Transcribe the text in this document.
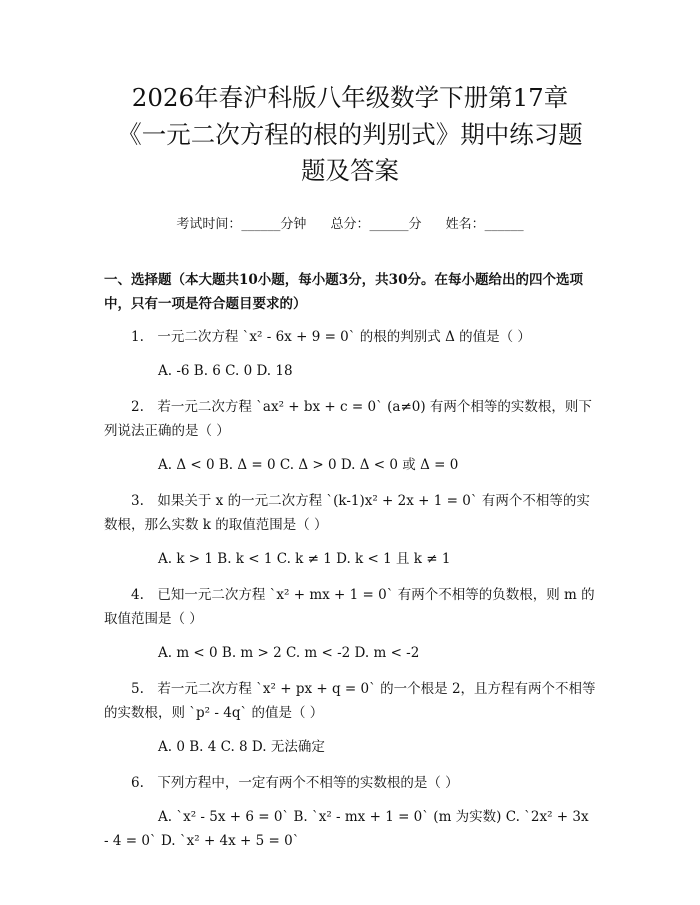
2026年春沪科版八年级数学下册第17章
《一元二次方程的根的判别式》期中练习题
题及答案
考试时间：______分钟 总分：______分 姓名：______
一、选择题（本大题共10小题，每小题3分，共30分。在每小题给出的四个选项中，只有一项是符合题目要求的）
1.　一元二次方程 `x² - 6x + 9 = 0` 的根的判别式 Δ 的值是（ ）
A. -6 B. 6 C. 0 D. 18
2.　若一元二次方程 `ax² + bx + c = 0` (a≠0) 有两个相等的实数根，则下列说法正确的是（ ）
A. Δ < 0 B. Δ = 0 C. Δ > 0 D. Δ < 0 或 Δ = 0
3.　如果关于 x 的一元二次方程 `(k-1)x² + 2x + 1 = 0` 有两个不相等的实数根，那么实数 k 的取值范围是（ ）
A. k > 1 B. k < 1 C. k ≠ 1 D. k < 1 且 k ≠ 1
4.　已知一元二次方程 `x² + mx + 1 = 0` 有两个不相等的负数根，则 m 的取值范围是（ ）
A. m < 0 B. m > 2 C. m < -2 D. m < -2
5.　若一元二次方程 `x² + px + q = 0` 的一个根是 2，且方程有两个不相等的实数根，则 `p² - 4q` 的值是（ ）
A. 0 B. 4 C. 8 D. 无法确定
6.　下列方程中，一定有两个不相等的实数根的是（ ）
A. `x² - 5x + 6 = 0` B. `x² - mx + 1 = 0` (m 为实数) C. `2x² + 3x - 4 = 0` D. `x² + 4x + 5 = 0`
